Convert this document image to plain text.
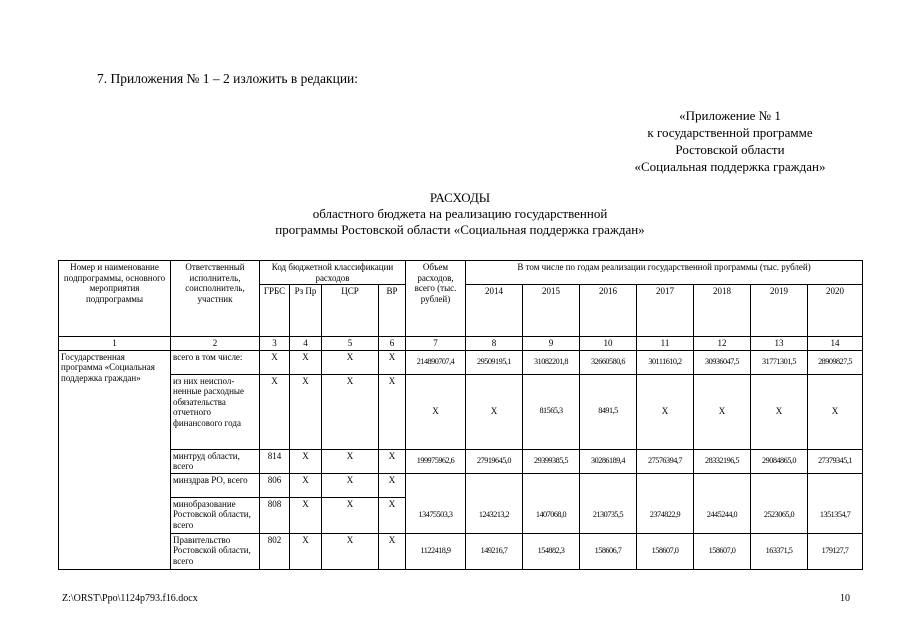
7. Приложения № 1 – 2 изложить в редакции:
«Приложение № 1
к государственной программе
Ростовской области
«Социальная поддержка граждан»
РАСХОДЫ
областного бюджета на реализацию государственной
программы Ростовской области «Социальная поддержка граждан»
Номер и наименование подпрограммы, основного мероприятия подпрограммы	Ответственный исполнитель, соисполнитель, участник	Код бюджетной классификации расходов				Объем расходов, всего (тыс. рублей)	В том числе по годам реализации государственной программы (тыс. рублей)						
		ГРБС	Рз Пр	ЦСР	ВР		2014	2015	2016	2017	2018	2019	2020
1	2	3	4	5	6	7	8	9	10	11	12	13	14
Государственная программа «Социальная поддержка граждан»	всего в том числе:	Х	Х	Х	Х	214890707,4	29509195,1	31082201,8	32660580,6	30111610,2	30936047,5	31771301,5	28909827,5
	из них неиспол-ненные расходные обязательства отчетного финансового года	Х	Х	Х	Х	Х	Х	81565,3	8491,5	Х	Х	Х	Х
	минтруд области, всего	814	Х	Х	Х	199975962,6	27919645,0	29399385,5	30286189,4	27576394,7	28332196,5	29084865,0	27379345,1
	минздрав РО, всего	806	Х	Х	Х								
	минобразование Ростовской области, всего	808	Х	Х	Х	13475503,3	1243213,2	1407068,0	2130735,5	2374822,9	2445244,0	2523065,0	1351354,7
	Правительство Ростовской области, всего	802	Х	Х	Х	1122418,9	149216,7	154882,3	158606,7	158607,0	158607,0	163371,5	179127,7
Z:\ORST\Ppo\1124p793.f16.docx	10
